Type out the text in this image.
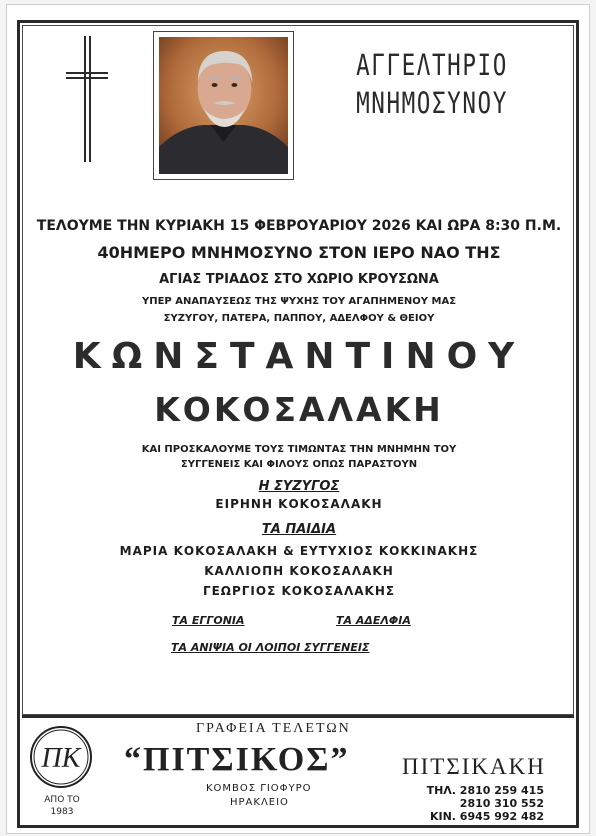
ΑΓΓΕΛΤΗΡΙΟ
ΜΝΗΜΟΣΥΝΟΥ
ΤΕΛΟΥΜΕ ΤΗΝ ΚΥΡΙΑΚΗ 15 ΦΕΒΡΟΥΑΡΙΟΥ 2026 ΚΑΙ ΩΡΑ 8:30 Π.Μ.
40ΗΜΕΡΟ ΜΝΗΜΟΣΥΝΟ ΣΤΟΝ ΙΕΡΟ ΝΑΟ ΤΗΣ
ΑΓΙΑΣ ΤΡΙΑΔΟΣ ΣΤΟ ΧΩΡΙΟ ΚΡΟΥΣΩΝΑ
ΥΠΕΡ ΑΝΑΠΑΥΣΕΩΣ ΤΗΣ ΨΥΧΗΣ ΤΟΥ ΑΓΑΠΗΜΕΝΟΥ ΜΑΣ
ΣΥΖΥΓΟΥ, ΠΑΤΕΡΑ, ΠΑΠΠΟΥ, ΑΔΕΛΦΟΥ & ΘΕΙΟΥ
ΚΩΝΣΤΑΝΤΙΝΟΥ
ΚΟΚΟΣΑΛΑΚΗ
ΚΑΙ ΠΡΟΣΚΑΛΟΥΜΕ ΤΟΥΣ ΤΙΜΩΝΤΑΣ ΤΗΝ ΜΝΗΜΗΝ ΤΟΥ
ΣΥΓΓΕΝΕΙΣ ΚΑΙ ΦΙΛΟΥΣ ΟΠΩΣ ΠΑΡΑΣΤΟΥΝ
Η ΣΥΖΥΓΟΣ
ΕΙΡΗΝΗ ΚΟΚΟΣΑΛΑΚΗ
ΤΑ ΠΑΙΔΙΑ
ΜΑΡΙΑ ΚΟΚΟΣΑΛΑΚΗ & ΕΥΤΥΧΙΟΣ ΚΟΚΚΙΝΑΚΗΣ
ΚΑΛΛΙΟΠΗ ΚΟΚΟΣΑΛΑΚΗ
ΓΕΩΡΓΙΟΣ ΚΟΚΟΣΑΛΑΚΗΣ
ΤΑ ΕΓΓΟΝΙΑ	ΤΑ ΑΔΕΛΦΙΑ
ΤΑ ΑΝΙΨΙΑ ΟΙ ΛΟΙΠΟΙ ΣΥΓΓΕΝΕΙΣ
ΠΚ
ΑΠΟ ΤΟ
1983
ΓΡΑΦΕΙΑ ΤΕΛΕΤΩΝ
“ΠΙΤΣΙΚΟΣ”
ΚΟΜΒΟΣ ΓΙΟΦΥΡΟ
ΗΡΑΚΛΕΙΟ
ΠΙΤΣΙΚΑΚΗ
ΤΗΛ. 2810 259 415
2810 310 552
ΚΙΝ. 6945 992 482
